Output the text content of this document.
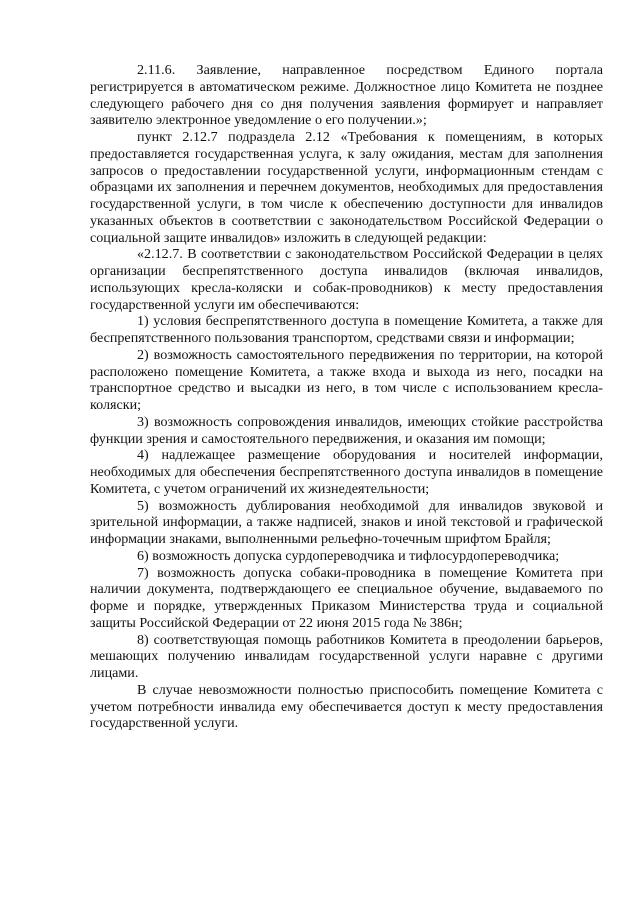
2.11.6. Заявление, направленное посредством Единого портала регистрируется в автоматическом режиме. Должностное лицо Комитета не позднее следующего рабочего дня со дня получения заявления формирует и направляет заявителю электронное уведомление о его получении.»;

пункт 2.12.7 подраздела 2.12 «Требования к помещениям, в которых предоставляется государственная услуга, к залу ожидания, местам для заполнения запросов о предоставлении государственной услуги, информационным стендам с образцами их заполнения и перечнем документов, необходимых для предоставления государственной услуги, в том числе к обеспечению доступности для инвалидов указанных объектов в соответствии с законодательством Российской Федерации о социальной защите инвалидов» изложить в следующей редакции:

«2.12.7. В соответствии с законодательством Российской Федерации в целях организации беспрепятственного доступа инвалидов (включая инвалидов, использующих кресла-коляски и собак-проводников) к месту предоставления государственной услуги им обеспечиваются:

1) условия беспрепятственного доступа в помещение Комитета, а также для беспрепятственного пользования транспортом, средствами связи и информации;

2) возможность самостоятельного передвижения по территории, на которой расположено помещение Комитета, а также входа и выхода из него, посадки на транспортное средство и высадки из него, в том числе с использованием кресла-коляски;

3) возможность сопровождения инвалидов, имеющих стойкие расстройства функции зрения и самостоятельного передвижения, и оказания им помощи;

4) надлежащее размещение оборудования и носителей информации, необходимых для обеспечения беспрепятственного доступа инвалидов в помещение Комитета, с учетом ограничений их жизнедеятельности;

5) возможность дублирования необходимой для инвалидов звуковой и зрительной информации, а также надписей, знаков и иной текстовой и графической информации знаками, выполненными рельефно-точечным шрифтом Брайля;

6) возможность допуска сурдопереводчика и тифлосурдопереводчика;

7) возможность допуска собаки-проводника в помещение Комитета при наличии документа, подтверждающего ее специальное обучение, выдаваемого по форме и порядке, утвержденных Приказом Министерства труда и социальной защиты Российской Федерации от 22 июня 2015 года № 386н;

8) соответствующая помощь работников Комитета в преодолении барьеров, мешающих получению инвалидам государственной услуги наравне с другими лицами.

В случае невозможности полностью приспособить помещение Комитета с учетом потребности инвалида ему обеспечивается доступ к месту предоставления государственной услуги.
